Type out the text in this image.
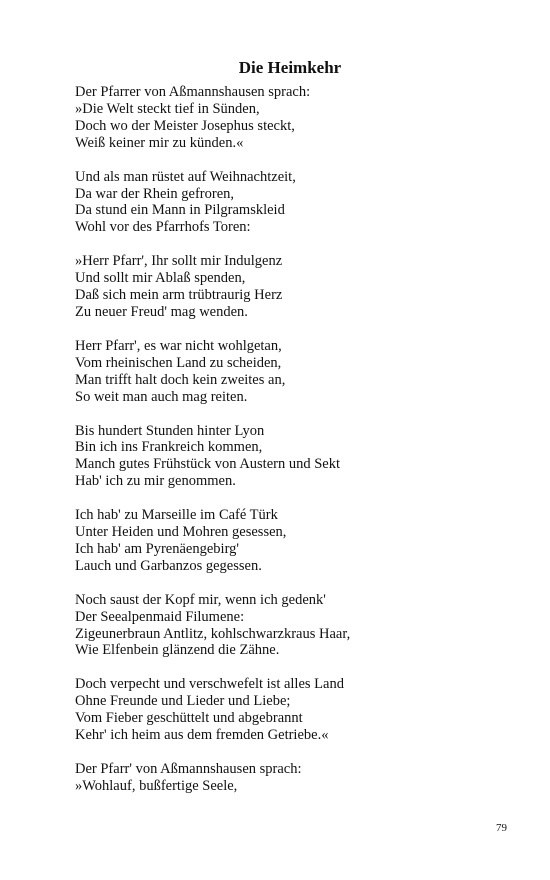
Die Heimkehr
Der Pfarrer von Aßmannshausen sprach:
»Die Welt steckt tief in Sünden,
Doch wo der Meister Josephus steckt,
Weiß keiner mir zu künden.«
Und als man rüstet auf Weihnachtzeit,
Da war der Rhein gefroren,
Da stund ein Mann in Pilgramskleid
Wohl vor des Pfarrhofs Toren:
»Herr Pfarr', Ihr sollt mir Indulgenz
Und sollt mir Ablaß spenden,
Daß sich mein arm trübtraurig Herz
Zu neuer Freud' mag wenden.
Herr Pfarr', es war nicht wohlgetan,
Vom rheinischen Land zu scheiden,
Man trifft halt doch kein zweites an,
So weit man auch mag reiten.
Bis hundert Stunden hinter Lyon
Bin ich ins Frankreich kommen,
Manch gutes Frühstück von Austern und Sekt
Hab' ich zu mir genommen.
Ich hab' zu Marseille im Café Türk
Unter Heiden und Mohren gesessen,
Ich hab' am Pyrenäengebirg'
Lauch und Garbanzos gegessen.
Noch saust der Kopf mir, wenn ich gedenk'
Der Seealpenmaid Filumene:
Zigeunerbraun Antlitz, kohlschwarzkraus Haar,
Wie Elfenbein glänzend die Zähne.
Doch verpecht und verschwefelt ist alles Land
Ohne Freunde und Lieder und Liebe;
Vom Fieber geschüttelt und abgebrannt
Kehr' ich heim aus dem fremden Getriebe.«
Der Pfarr' von Aßmannshausen sprach:
»Wohlauf, bußfertige Seele,
79
